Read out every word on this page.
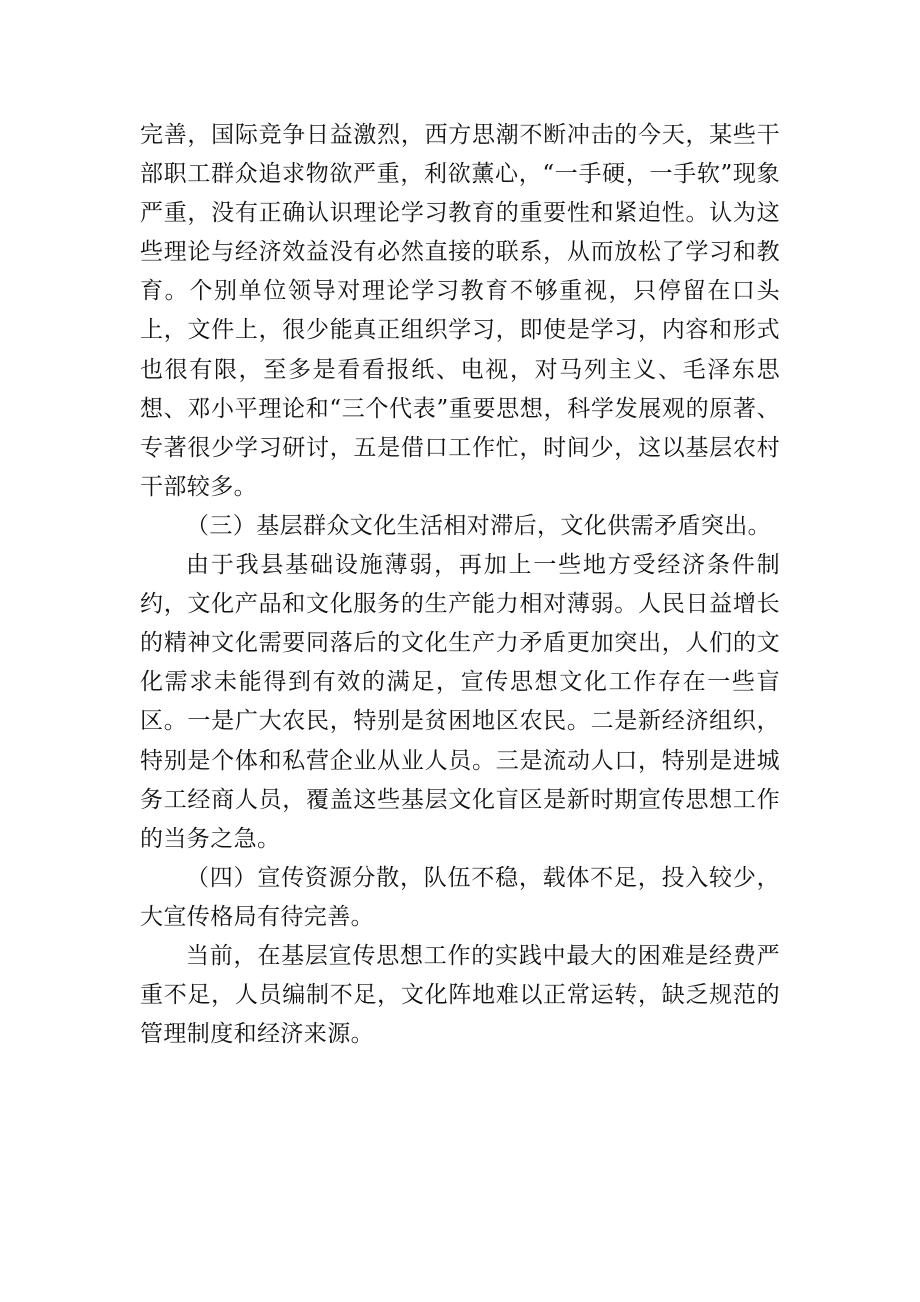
完善，国际竞争日益激烈，西方思潮不断冲击的今天，某些干部职工群众追求物欲严重，利欲薰心，“一手硬，一手软”现象严重，没有正确认识理论学习教育的重要性和紧迫性。认为这些理论与经济效益没有必然直接的联系，从而放松了学习和教育。个别单位领导对理论学习教育不够重视，只停留在口头上，文件上，很少能真正组织学习，即使是学习，内容和形式也很有限，至多是看看报纸、电视，对马列主义、毛泽东思想、邓小平理论和“三个代表”重要思想，科学发展观的原著、专著很少学习研讨，五是借口工作忙，时间少，这以基层农村干部较多。

（三）基层群众文化生活相对滞后，文化供需矛盾突出。

由于我县基础设施薄弱，再加上一些地方受经济条件制约，文化产品和文化服务的生产能力相对薄弱。人民日益增长的精神文化需要同落后的文化生产力矛盾更加突出，人们的文化需求未能得到有效的满足，宣传思想文化工作存在一些盲区。一是广大农民，特别是贫困地区农民。二是新经济组织，特别是个体和私营企业从业人员。三是流动人口，特别是进城务工经商人员，覆盖这些基层文化盲区是新时期宣传思想工作的当务之急。

（四）宣传资源分散，队伍不稳，载体不足，投入较少，大宣传格局有待完善。

当前，在基层宣传思想工作的实践中最大的困难是经费严重不足，人员编制不足，文化阵地难以正常运转，缺乏规范的管理制度和经济来源。
